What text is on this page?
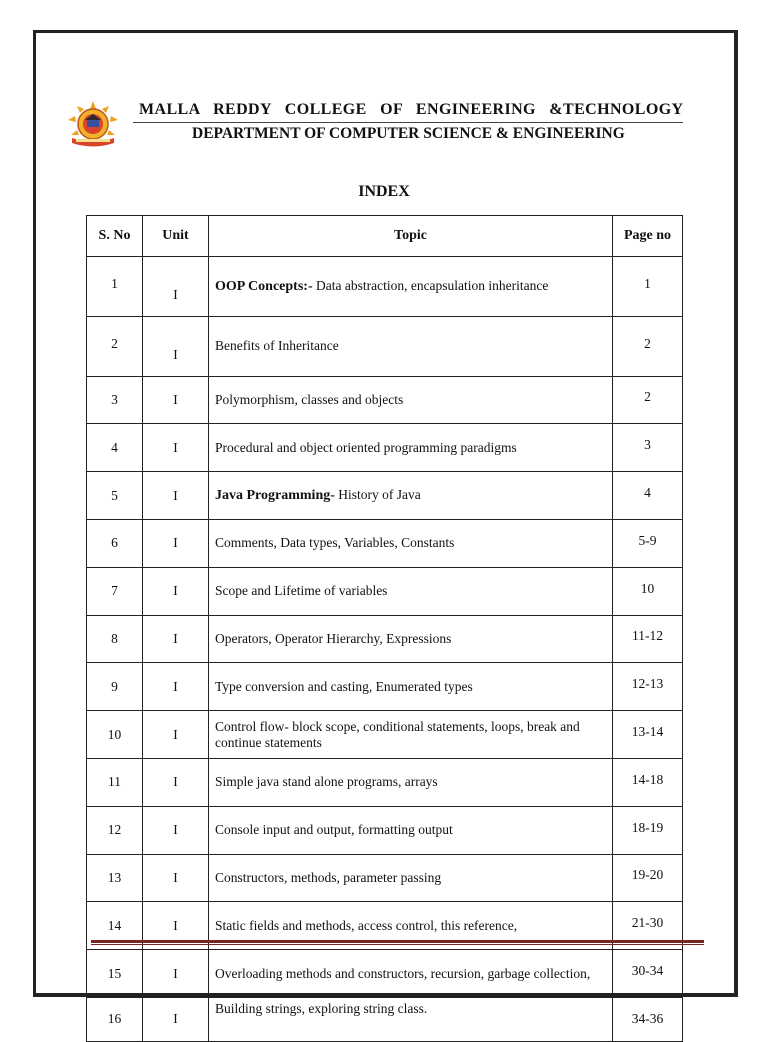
MALLA REDDY COLLEGE OF ENGINEERING &TECHNOLOGY
DEPARTMENT OF COMPUTER SCIENCE & ENGINEERING
INDEX
S. No	Unit	Topic	Page no
1	I	OOP Concepts:- Data abstraction, encapsulation inheritance	1
2	I	Benefits of Inheritance	2
3	I	Polymorphism, classes and objects	2
4	I	Procedural and object oriented programming paradigms	3
5	I	Java Programming- History of Java	4
6	I	Comments, Data types, Variables, Constants	5-9
7	I	Scope and Lifetime of variables	10
8	I	Operators, Operator Hierarchy, Expressions	11-12
9	I	Type conversion and casting, Enumerated types	12-13
10	I	Control flow- block scope, conditional statements, loops, break and continue statements	13-14
11	I	Simple java stand alone programs, arrays	14-18
12	I	Console input and output, formatting output	18-19
13	I	Constructors, methods, parameter passing	19-20
14	I	Static fields and methods, access control, this reference,	21-30
15	I	Overloading methods and constructors, recursion, garbage collection,	30-34
16	I	Building strings, exploring string class.	34-36
